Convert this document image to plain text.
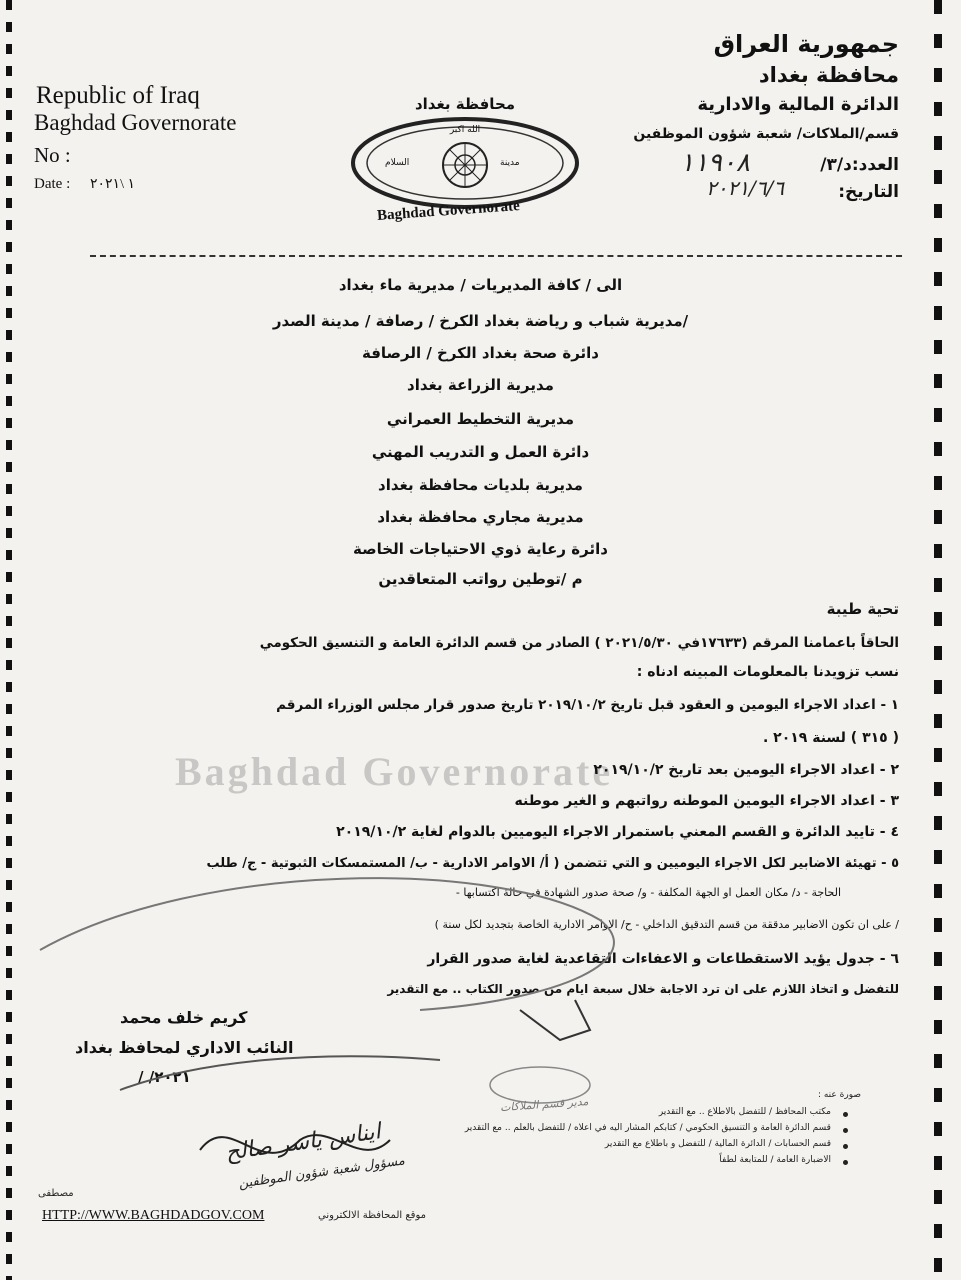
Republic of Iraq
Baghdad Governorate
No :
Date : ١ \٢٠٢١
محافظة بغداد
الله اكبر
مدينة
السلام
Baghdad Governorate
جمهورية العراق
محافظة بغداد
الدائرة المالية والادارية
قسم/الملاكات/ شعبة شؤون الموظفين
العدد:د/٣/
١١٩٠٨
التاريخ:
٢٠٢١/٦/٦
الى / كافة المديريات / مديرية ماء بغداد
/مديرية شباب و رياضة بغداد الكرخ / رصافة / مدينة الصدر
دائرة صحة بغداد الكرخ / الرصافة
مديرية الزراعة بغداد
مديرية التخطيط العمراني
دائرة العمل و التدريب المهني
مديرية بلديات محافظة بغداد
مديرية مجاري محافظة بغداد
دائرة رعاية ذوي الاحتياجات الخاصة
م /توطين رواتب المتعاقدين
Baghdad Governorate
تحية طيبة
الحاقاً باعمامنا المرقم (١٧٦٣٣في ٢٠٢١/٥/٣٠ ) الصادر من قسم الدائرة العامة و التنسيق الحكومي
نسب تزويدنا بالمعلومات المبينه ادناه :
١ - اعداد الاجراء اليومين و العقود قبل تاريخ ٢٠١٩/١٠/٢ تاريخ صدور قرار مجلس الوزراء المرقم
( ٣١٥ ) لسنة ٢٠١٩ .
٢ - اعداد الاجراء اليومين بعد تاريخ ٢٠١٩/١٠/٢
٣ - اعداد الاجراء اليومين الموطنه رواتبهم و الغير موطنه
٤ - تاييد الدائرة و القسم المعني باستمرار الاجراء اليوميين بالدوام لغاية ٢٠١٩/١٠/٢
٥ - تهيئة الاضابير لكل الاجراء اليوميين و التي تتضمن ( أ/ الاوامر الادارية - ب/ المستمسكات الثبوتية - ج/ طلب
الحاجة - د/ مكان العمل او الجهة المكلفة - و/ صحة صدور الشهادة في حالة اكتسابها -
/ على ان تكون الاضابير مدققة من قسم التدقيق الداخلي - ح/ الاوامر الادارية الخاصة بتجديد لكل سنة )
٦ - جدول يؤيد الاستقطاعات و الاعفاءات التقاعدية لغاية صدور القرار
للتفضل و اتخاذ اللازم على ان ترد الاجابة خلال سبعة ايام من صدور الكتاب .. مع التقدير
كريم خلف محمد
النائب الاداري لمحافظ بغداد
٢٠٢١/ /
ايناس ياسر صالح
مسؤول شعبة شؤون الموظفين
مدير قسم الملاكات	صورة عنه :
مكتب المحافظ / للتفضل بالاطلاع .. مع التقدير
قسم الدائرة العامة و التنسيق الحكومي / كتابكم المشار اليه في اعلاه / للتفضل بالعلم .. مع التقدير
قسم الحسابات / الدائرة المالية / للتفضل و باطلاع مع التقدير
الاضبارة العامة / للمتابعة لطفاً
مصطفى
HTTP://WWW.BAGHDADGOV.COM	موقع المحافظة الالكتروني
